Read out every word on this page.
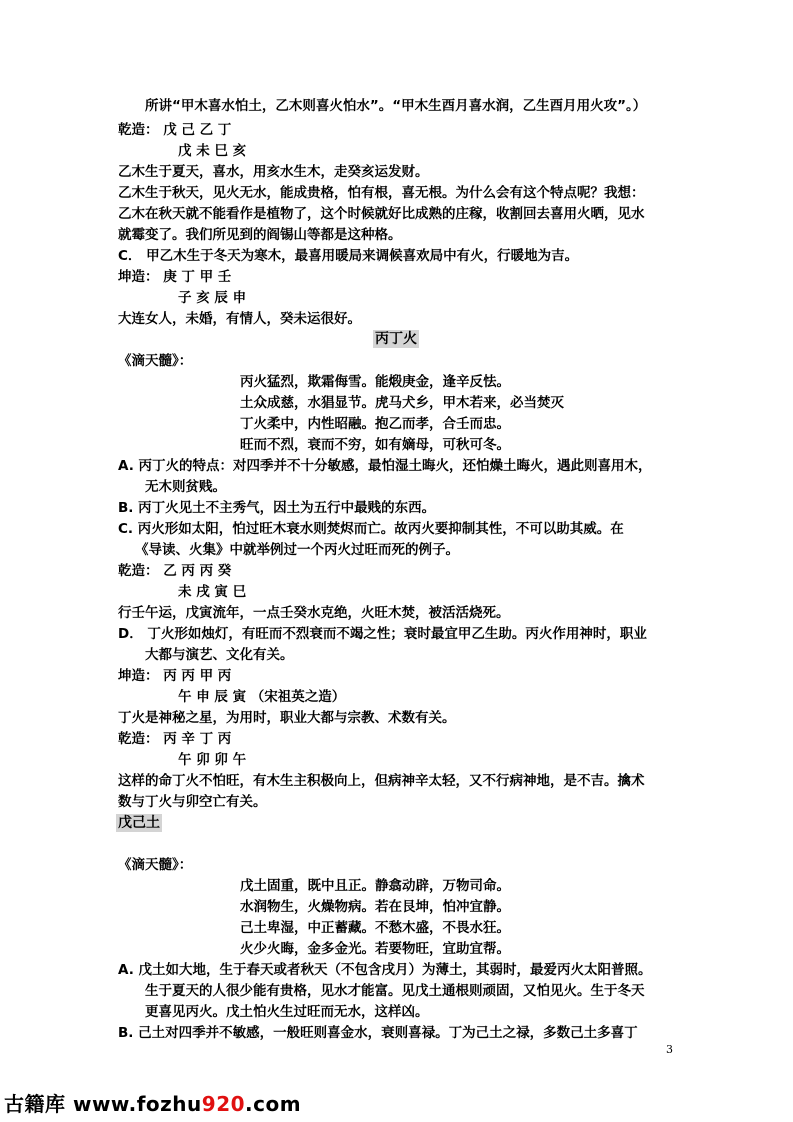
所讲“甲木喜水怕土，乙木则喜火怕水”。“甲木生酉月喜水润，乙生酉月用火攻”。）
乾造： 戊 己 乙 丁
戊 未 巳 亥
乙木生于夏天，喜水，用亥水生木，走癸亥运发财。
乙木生于秋天，见火无水，能成贵格，怕有根，喜无根。为什么会有这个特点呢？我想：
乙木在秋天就不能看作是植物了，这个时候就好比成熟的庄稼，收割回去喜用火晒，见水
就霉变了。我们所见到的阎锡山等都是这种格。
C． 甲乙木生于冬天为寒木，最喜用暖局来调候喜欢局中有火，行暖地为吉。
坤造： 庚 丁 甲 壬
子 亥 辰 申
大连女人，未婚，有情人，癸未运很好。
丙丁火
《滴天髓》：
丙火猛烈，欺霜侮雪。能煅庚金，逢辛反怯。
土众成慈，水猖显节。虎马犬乡，甲木若来，必当焚灭
丁火柔中，内性昭融。抱乙而孝，合壬而忠。
旺而不烈，衰而不穷，如有嫡母，可秋可冬。
A. 丙丁火的特点：对四季并不十分敏感，最怕湿土晦火，还怕燥土晦火，遇此则喜用木，
无木则贫贱。
B. 丙丁火见土不主秀气，因土为五行中最贱的东西。
C. 丙火形如太阳，怕过旺木衰水则焚烬而亡。故丙火要抑制其性，不可以助其威。在
《导读、火集》中就举例过一个丙火过旺而死的例子。
乾造： 乙 丙 丙 癸
未 戌 寅 巳
行壬午运，戊寅流年，一点壬癸水克绝，火旺木焚，被活活烧死。
D． 丁火形如烛灯，有旺而不烈衰而不竭之性；衰时最宜甲乙生助。丙火作用神时，职业
大都与演艺、文化有关。
坤造： 丙 丙 甲 丙
午 申 辰 寅 （宋祖英之造）
丁火是神秘之星，为用时，职业大都与宗教、术数有关。
乾造： 丙 辛 丁 丙
午 卯 卯 午
这样的命丁火不怕旺，有木生主积极向上，但病神辛太轻，又不行病神地，是不吉。擒术
数与丁火与卯空亡有关。
戊己土
《滴天髓》：
戊土固重，既中且正。静翕动辟，万物司命。
水润物生，火燥物病。若在艮坤，怕冲宜静。
己土卑湿，中正蓄藏。不愁木盛，不畏水狂。
火少火晦，金多金光。若要物旺，宜助宜帮。
A. 戊土如大地，生于春天或者秋天（不包含戌月）为薄土，其弱时，最爱丙火太阳普照。
生于夏天的人很少能有贵格，见水才能富。见戊土通根则顽固，又怕见火。生于冬天
更喜见丙火。戊土怕火生过旺而无水，这样凶。
B. 己土对四季并不敏感，一般旺则喜金水，衰则喜禄。丁为己土之禄，多数己土多喜丁
3
古籍库 www.fozhu920.com
